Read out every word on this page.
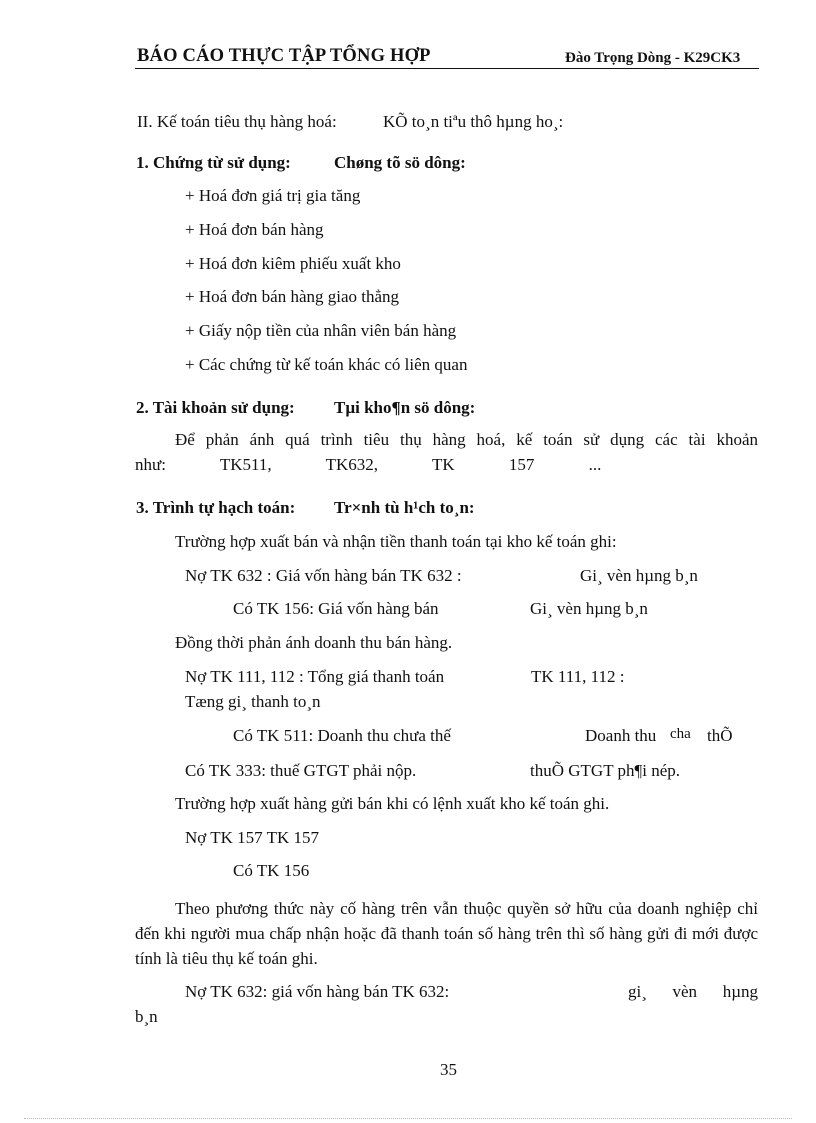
BÁO CÁO THỰC TẬP TỔNG HỢP	Đào Trọng Dòng - K29CK3
II. Kế toán tiêu thụ hàng hoá:	KÕ to¸n tiªu thô hµng ho¸:
1. Chứng từ sử dụng:	Chøng tõ sö dông:
+ Hoá đơn giá trị gia tăng
+ Hoá đơn bán hàng
+ Hoá đơn kiêm phiếu xuất kho
+ Hoá đơn bán hàng giao thẳng
+ Giấy nộp tiền của nhân viên bán hàng
+ Các chứng từ kế toán khác có liên quan
2. Tài khoản sử dụng: Tµi kho¶n sö dông:
Để phản ánh quá trình tiêu thụ hàng hoá, kế toán sử dụng các tài khoản
như: TK511, TK632, TK 157 ...
3. Trình tự hạch toán: Tr×nh tù h¹ch to¸n:
Trường hợp xuất bán và nhận tiền thanh toán tại kho kế toán ghi:
Nợ TK 632 : Giá vốn hàng bán TK 632 :	Gi¸ vèn hµng b¸n
Có TK 156: Giá vốn hàng bán	Gi¸ vèn hµng b¸n
Đồng thời phản ánh doanh thu bán hàng.
Nợ TK 111, 112 : Tổng giá thanh toán	TK 111, 112 :
Tæng gi¸ thanh to¸n
Có TK 511: Doanh thu chưa thế	Doanh thu cha thÕ
Có TK 333: thuế GTGT phải nộp.	thuÕ GTGT ph¶i nép.
Trường hợp xuất hàng gửi bán khi có lệnh xuất kho kế toán ghi.
Nợ TK 157 TK 157
Có TK 156
Theo phương thức này cố hàng trên vẫn thuộc quyền sở hữu của doanh nghiệp chỉ đến khi người mua chấp nhận hoặc đã thanh toán số hàng trên thì số hàng gửi đi mới được tính là tiêu thụ kế toán ghi.
Nợ TK 632: giá vốn hàng bán TK 632:	gi¸ vèn hµng
b¸n
35
